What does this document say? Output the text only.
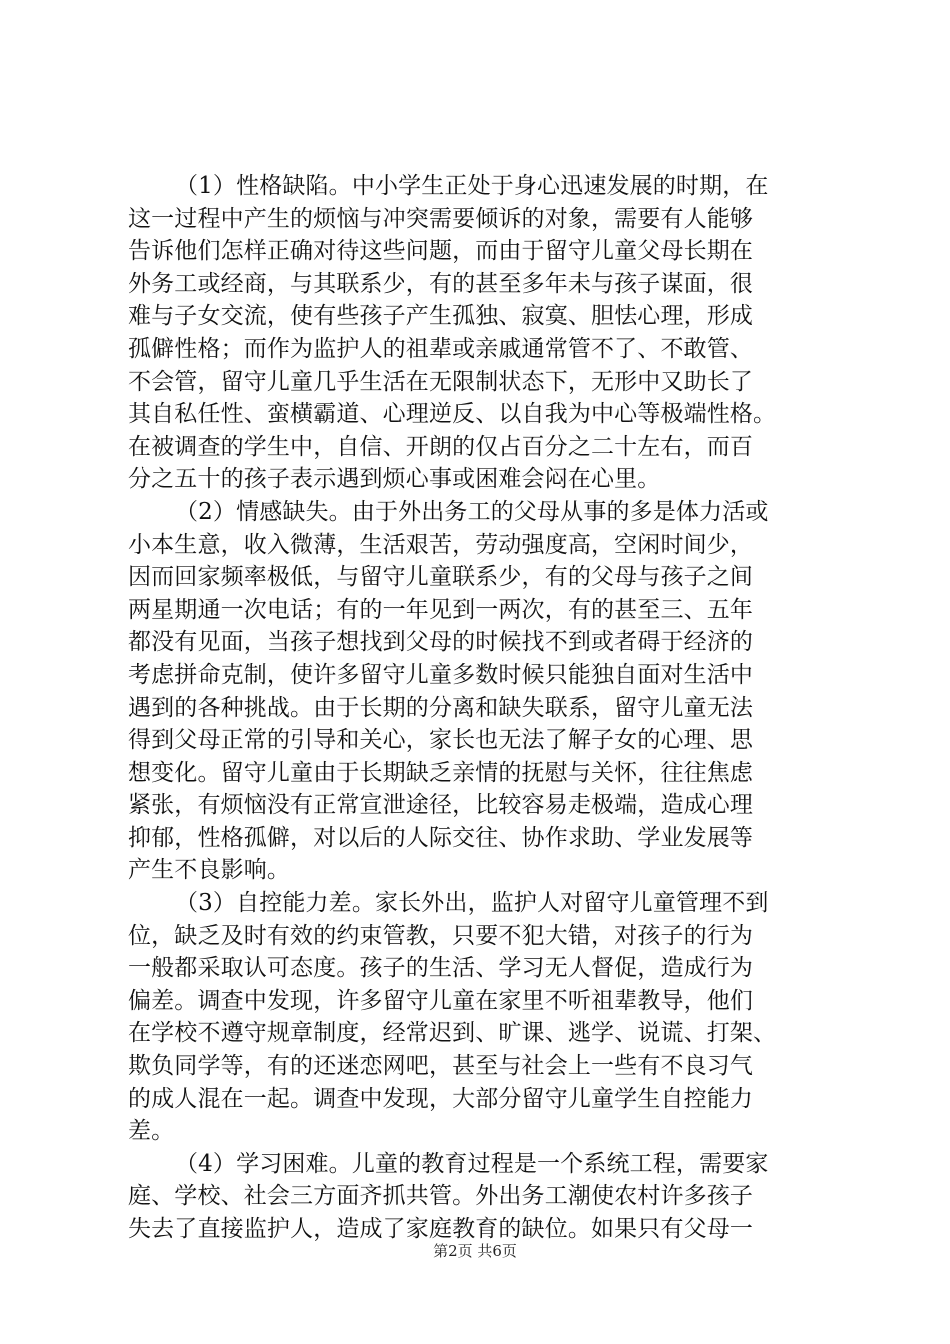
（1）性格缺陷。中小学生正处于身心迅速发展的时期，在
这一过程中产生的烦恼与冲突需要倾诉的对象，需要有人能够
告诉他们怎样正确对待这些问题，而由于留守儿童父母长期在
外务工或经商，与其联系少，有的甚至多年未与孩子谋面，很
难与子女交流，使有些孩子产生孤独、寂寞、胆怯心理，形成
孤僻性格；而作为监护人的祖辈或亲戚通常管不了、不敢管、
不会管，留守儿童几乎生活在无限制状态下，无形中又助长了
其自私任性、蛮横霸道、心理逆反、以自我为中心等极端性格。
在被调查的学生中，自信、开朗的仅占百分之二十左右，而百
分之五十的孩子表示遇到烦心事或困难会闷在心里。

（2）情感缺失。由于外出务工的父母从事的多是体力活或
小本生意，收入微薄，生活艰苦，劳动强度高，空闲时间少，
因而回家频率极低，与留守儿童联系少，有的父母与孩子之间
两星期通一次电话；有的一年见到一两次，有的甚至三、五年
都没有见面，当孩子想找到父母的时候找不到或者碍于经济的
考虑拼命克制，使许多留守儿童多数时候只能独自面对生活中
遇到的各种挑战。由于长期的分离和缺失联系，留守儿童无法
得到父母正常的引导和关心，家长也无法了解子女的心理、思
想变化。留守儿童由于长期缺乏亲情的抚慰与关怀，往往焦虑
紧张，有烦恼没有正常宣泄途径，比较容易走极端，造成心理
抑郁，性格孤僻，对以后的人际交往、协作求助、学业发展等
产生不良影响。

（3）自控能力差。家长外出，监护人对留守儿童管理不到
位，缺乏及时有效的约束管教，只要不犯大错，对孩子的行为
一般都采取认可态度。孩子的生活、学习无人督促，造成行为
偏差。调查中发现，许多留守儿童在家里不听祖辈教导，他们
在学校不遵守规章制度，经常迟到、旷课、逃学、说谎、打架、
欺负同学等，有的还迷恋网吧，甚至与社会上一些有不良习气
的成人混在一起。调查中发现，大部分留守儿童学生自控能力
差。

（4）学习困难。儿童的教育过程是一个系统工程，需要家
庭、学校、社会三方面齐抓共管。外出务工潮使农村许多孩子
失去了直接监护人，造成了家庭教育的缺位。如果只有父母一

第2页 共6页
